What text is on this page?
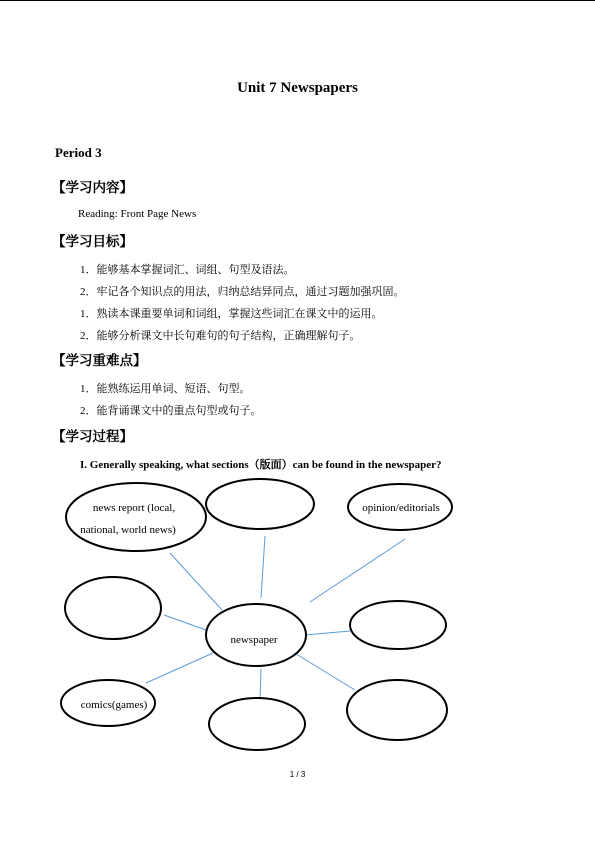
Unit 7 Newspapers
Period 3
【学习内容】
Reading: Front Page News
【学习目标】
1．能够基本掌握词汇、词组、句型及语法。
2．牢记各个知识点的用法，归纳总结异同点，通过习题加强巩固。
1．熟读本课重要单词和词组，掌握这些词汇在课文中的运用。
2．能够分析课文中长句难句的句子结构，正确理解句子。
【学习重难点】
1．能熟练运用单词、短语、句型。
2．能背诵课文中的重点句型或句子。
【学习过程】
I. Generally speaking, what sections（版面）can be found in the newspaper?
news report (local,
national, world news)
opinion/editorials
newspaper
comics(games)
1 / 3
